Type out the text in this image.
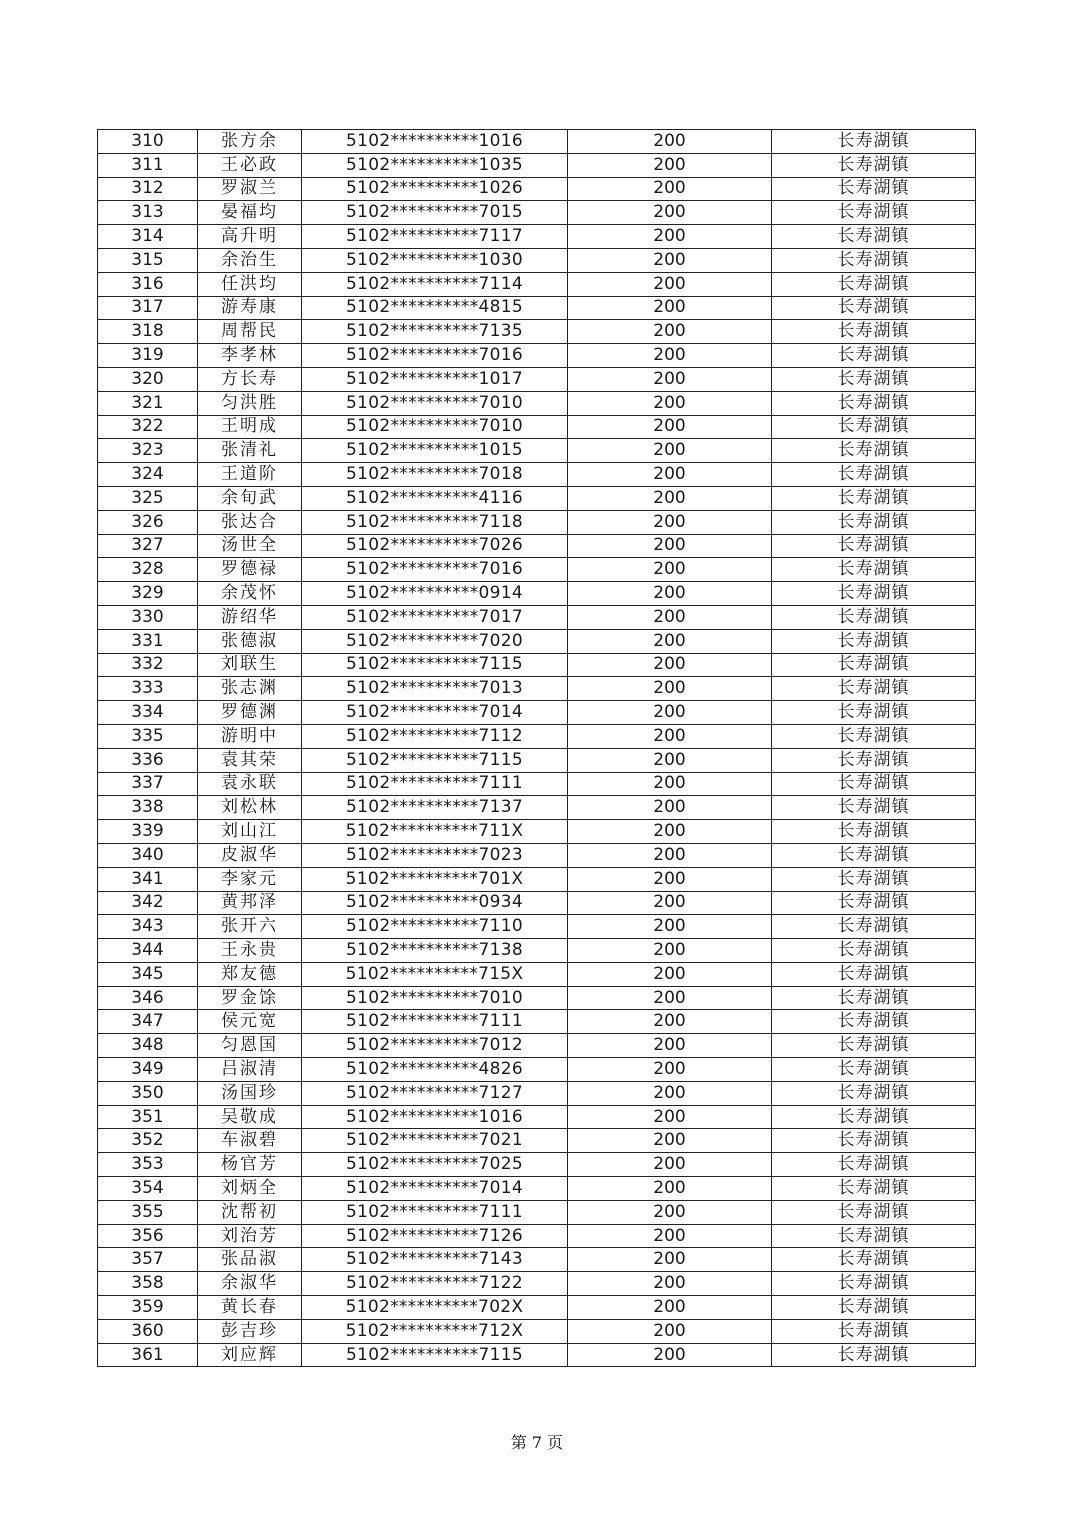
310	张方余	5102**********1016	200	长寿湖镇
311	王必政	5102**********1035	200	长寿湖镇
312	罗淑兰	5102**********1026	200	长寿湖镇
313	晏福均	5102**********7015	200	长寿湖镇
314	高升明	5102**********7117	200	长寿湖镇
315	余治生	5102**********1030	200	长寿湖镇
316	任洪均	5102**********7114	200	长寿湖镇
317	游寿康	5102**********4815	200	长寿湖镇
318	周帮民	5102**********7135	200	长寿湖镇
319	李孝林	5102**********7016	200	长寿湖镇
320	方长寿	5102**********1017	200	长寿湖镇
321	匀洪胜	5102**********7010	200	长寿湖镇
322	王明成	5102**********7010	200	长寿湖镇
323	张清礼	5102**********1015	200	长寿湖镇
324	王道阶	5102**********7018	200	长寿湖镇
325	余旬武	5102**********4116	200	长寿湖镇
326	张达合	5102**********7118	200	长寿湖镇
327	汤世全	5102**********7026	200	长寿湖镇
328	罗德禄	5102**********7016	200	长寿湖镇
329	余茂怀	5102**********0914	200	长寿湖镇
330	游绍华	5102**********7017	200	长寿湖镇
331	张德淑	5102**********7020	200	长寿湖镇
332	刘联生	5102**********7115	200	长寿湖镇
333	张志渊	5102**********7013	200	长寿湖镇
334	罗德渊	5102**********7014	200	长寿湖镇
335	游明中	5102**********7112	200	长寿湖镇
336	袁其荣	5102**********7115	200	长寿湖镇
337	袁永联	5102**********7111	200	长寿湖镇
338	刘松林	5102**********7137	200	长寿湖镇
339	刘山江	5102**********711X	200	长寿湖镇
340	皮淑华	5102**********7023	200	长寿湖镇
341	李家元	5102**********701X	200	长寿湖镇
342	黄邦泽	5102**********0934	200	长寿湖镇
343	张开六	5102**********7110	200	长寿湖镇
344	王永贵	5102**********7138	200	长寿湖镇
345	郑友德	5102**********715X	200	长寿湖镇
346	罗金馀	5102**********7010	200	长寿湖镇
347	侯元宽	5102**********7111	200	长寿湖镇
348	匀恩国	5102**********7012	200	长寿湖镇
349	吕淑清	5102**********4826	200	长寿湖镇
350	汤国珍	5102**********7127	200	长寿湖镇
351	吴敬成	5102**********1016	200	长寿湖镇
352	车淑碧	5102**********7021	200	长寿湖镇
353	杨官芳	5102**********7025	200	长寿湖镇
354	刘炳全	5102**********7014	200	长寿湖镇
355	沈帮初	5102**********7111	200	长寿湖镇
356	刘治芳	5102**********7126	200	长寿湖镇
357	张品淑	5102**********7143	200	长寿湖镇
358	余淑华	5102**********7122	200	长寿湖镇
359	黄长春	5102**********702X	200	长寿湖镇
360	彭吉珍	5102**********712X	200	长寿湖镇
361	刘应辉	5102**********7115	200	长寿湖镇
第 7 页
